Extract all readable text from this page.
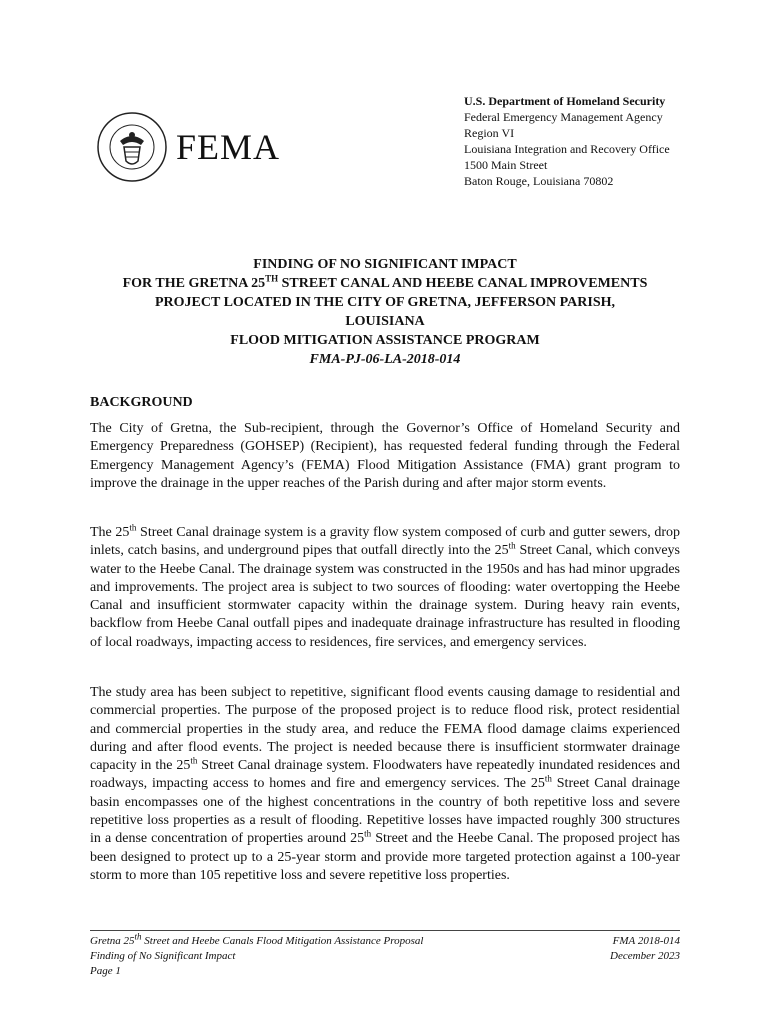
FEMA
U.S. Department of Homeland Security
Federal Emergency Management Agency
Region VI
Louisiana Integration and Recovery Office
1500 Main Street
Baton Rouge, Louisiana 70802
FINDING OF NO SIGNIFICANT IMPACT
FOR THE GRETNA 25TH STREET CANAL AND HEEBE CANAL IMPROVEMENTS
PROJECT LOCATED IN THE CITY OF GRETNA, JEFFERSON PARISH,
LOUISIANA
FLOOD MITIGATION ASSISTANCE PROGRAM
FMA-PJ-06-LA-2018-014
BACKGROUND
The City of Gretna, the Sub-recipient, through the Governor’s Office of Homeland Security and Emergency Preparedness (GOHSEP) (Recipient), has requested federal funding through the Federal Emergency Management Agency’s (FEMA) Flood Mitigation Assistance (FMA) grant program to improve the drainage in the upper reaches of the Parish during and after major storm events.
The 25th Street Canal drainage system is a gravity flow system composed of curb and gutter sewers, drop inlets, catch basins, and underground pipes that outfall directly into the 25th Street Canal, which conveys water to the Heebe Canal. The drainage system was constructed in the 1950s and has had minor upgrades and improvements. The project area is subject to two sources of flooding: water overtopping the Heebe Canal and insufficient stormwater capacity within the drainage system. During heavy rain events, backflow from Heebe Canal outfall pipes and inadequate drainage infrastructure has resulted in flooding of local roadways, impacting access to residences, fire services, and emergency services.
The study area has been subject to repetitive, significant flood events causing damage to residential and commercial properties. The purpose of the proposed project is to reduce flood risk, protect residential and commercial properties in the study area, and reduce the FEMA flood damage claims experienced during and after flood events. The project is needed because there is insufficient stormwater drainage capacity in the 25th Street Canal drainage system. Floodwaters have repeatedly inundated residences and roadways, impacting access to homes and fire and emergency services. The 25th Street Canal drainage basin encompasses one of the highest concentrations in the country of both repetitive loss and severe repetitive loss properties as a result of flooding. Repetitive losses have impacted roughly 300 structures in a dense concentration of properties around 25th Street and the Heebe Canal. The proposed project has been designed to protect up to a 25-year storm and provide more targeted protection against a 100-year storm to more than 105 repetitive loss and severe repetitive loss properties.
Gretna 25th Street and Heebe Canals Flood Mitigation Assistance Proposal
Finding of No Significant Impact
Page 1
FMA 2018-014
December 2023
